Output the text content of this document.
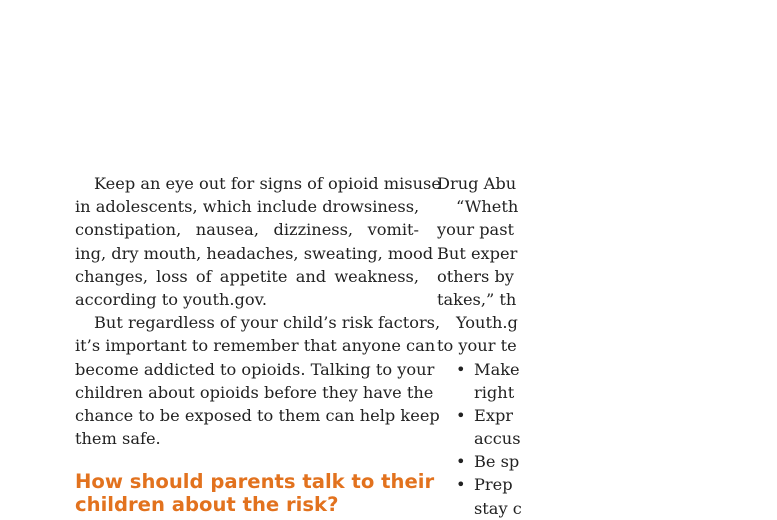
Keep an eye out for signs of opioid misuse
in adolescents, which include drowsiness,
constipation, nausea, dizziness, vomit-
ing, dry mouth, headaches, sweating, mood
changes, loss of appetite and weakness,
according to youth.gov.
But regardless of your child’s risk factors,
it’s important to remember that anyone can
become addicted to opioids. Talking to your
children about opioids before they have the
chance to be exposed to them can help keep
them safe.
How should parents talk to their
children about the risk?
Drug Abu
“Wheth
your past
But exper
others by
takes,” th
Youth.g
to your te
• Make
right
• Expr
accus
• Be sp
• Prep
stay c
